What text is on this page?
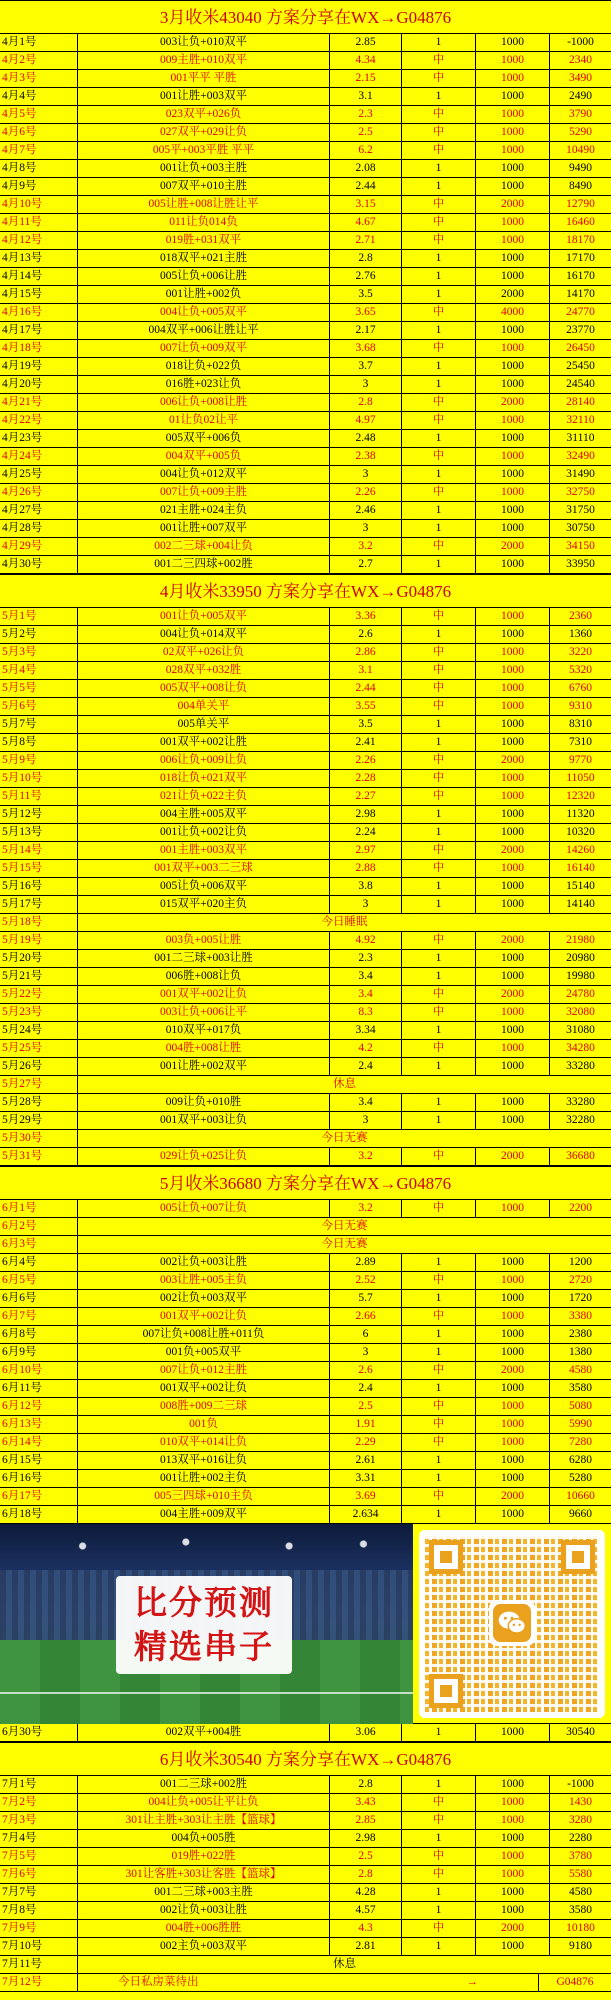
3月收米43040 方案分享在WX→G04876
4月1号	003让负+010双平	2.85	1	1000	-1000
4月2号	009主胜+010双平	4.34	中	1000	2340
4月3号	001平平 平胜	2.15	中	1000	3490
4月4号	001让胜+003双平	3.1	1	1000	2490
4月5号	023双平+026负	2.3	中	1000	3790
4月6号	027双平+029让负	2.5	中	1000	5290
4月7号	005平+003平胜 平平	6.2	中	1000	10490
4月8号	001让负+003主胜	2.08	1	1000	9490
4月9号	007双平+010主胜	2.44	1	1000	8490
4月10号	005让胜+008让胜让平	3.15	中	2000	12790
4月11号	011让负014负	4.67	中	1000	16460
4月12号	019胜+031双平	2.71	中	1000	18170
4月13号	018双平+021主胜	2.8	1	1000	17170
4月14号	005让负+006让胜	2.76	1	1000	16170
4月15号	001让胜+002负	3.5	1	2000	14170
4月16号	004让负+005双平	3.65	中	4000	24770
4月17号	004双平+006让胜让平	2.17	1	1000	23770
4月18号	007让负+009双平	3.68	中	1000	26450
4月19号	018让负+022负	3.7	1	1000	25450
4月20号	016胜+023让负	3	1	1000	24540
4月21号	006让负+008让胜	2.8	中	2000	28140
4月22号	01让负02让平	4.97	中	1000	32110
4月23号	005双平+006负	2.48	1	1000	31110
4月24号	004双平+005负	2.38	中	1000	32490
4月25号	004让负+012双平	3	1	1000	31490
4月26号	007让负+009主胜	2.26	中	1000	32750
4月27号	021主胜+024主负	2.46	1	1000	31750
4月28号	001让胜+007双平	3	1	1000	30750
4月29号	002二三球+004让负	3.2	中	2000	34150
4月30号	001二三四球+002胜	2.7	1	1000	33950
4月收米33950 方案分享在WX→G04876
5月1号	001让负+005双平	3.36	中	1000	2360
5月2号	004让负+014双平	2.6	1	1000	1360
5月3号	02双平+026让负	2.86	中	1000	3220
5月4号	028双平+032胜	3.1	中	1000	5320
5月5号	005双平+008让负	2.44	中	1000	6760
5月6号	004单关平	3.55	中	1000	9310
5月7号	005单关平	3.5	1	1000	8310
5月8号	001双平+002让胜	2.41	1	1000	7310
5月9号	006让负+009让负	2.26	中	2000	9770
5月10号	018让负+021双平	2.28	中	1000	11050
5月11号	021让负+022主负	2.27	中	1000	12320
5月12号	004主胜+005双平	2.98	1	1000	11320
5月13号	001让负+002让负	2.24	1	1000	10320
5月14号	001主胜+003双平	2.97	中	2000	14260
5月15号	001双平+003二三球	2.88	中	1000	16140
5月16号	005让负+006双平	3.8	1	1000	15140
5月17号	015双平+020主负	3	1	1000	14140
5月18号	今日睡眠
5月19号	003负+005让胜	4.92	中	2000	21980
5月20号	001二三球+003让胜	2.3	1	1000	20980
5月21号	006胜+008让负	3.4	1	1000	19980
5月22号	001双平+002让负	3.4	中	2000	24780
5月23号	003让负+006让平	8.3	中	1000	32080
5月24号	010双平+017负	3.34	1	1000	31080
5月25号	004胜+008让胜	4.2	中	1000	34280
5月26号	001让胜+002双平	2.4	1	1000	33280
5月27号	休息
5月28号	009让负+010胜	3.4	1	1000	33280
5月29号	001双平+003让负	3	1	1000	32280
5月30号	今日无赛
5月31号	029让负+025让负	3.2	中	2000	36680
5月收米36680 方案分享在WX→G04876
6月1号	005让负+007让负	3.2	中	1000	2200
6月2号	今日无赛
6月3号	今日无赛
6月4号	002让负+003让胜	2.89	1	1000	1200
6月5号	003让胜+005主负	2.52	中	1000	2720
6月6号	002让负+003双平	5.7	1	1000	1720
6月7号	001双平+002让负	2.66	中	1000	3380
6月8号	007让负+008让胜+011负	6	1	1000	2380
6月9号	001负+005双平	3	1	1000	1380
6月10号	007让负+012主胜	2.6	中	2000	4580
6月11号	001双平+002让负	2.4	1	1000	3580
6月12号	008胜+009二三球	2.5	中	1000	5080
6月13号	001负	1.91	中	1000	5990
6月14号	010双平+014让负	2.29	中	1000	7280
6月15号	013双平+016让负	2.61	1	1000	6280
6月16号	001让胜+002主负	3.31	1	1000	5280
6月17号	005三四球+010主负	3.69	中	2000	10660
6月18号	004主胜+009双平	2.634	1	1000	9660
比分预测
精选串子
6月30号	002双平+004胜	3.06	1	1000	30540
6月收米30540 方案分享在WX→G04876
7月1号	001二三球+002胜	2.8	1	1000	-1000
7月2号	004让负+005让平让负	3.43	中	1000	1430
7月3号	301让主胜+303让主胜【篮球】	2.85	中	1000	3280
7月4号	004负+005胜	2.98	1	1000	2280
7月5号	019胜+022胜	2.5	中	1000	3780
7月6号	301让客胜+303让客胜【篮球】	2.8	中	1000	5580
7月7号	001二三球+003主胜	4.28	1	1000	4580
7月8号	002让负+003让胜	4.57	1	1000	3580
7月9号	004胜+006胜胜	4.3	中	2000	10180
7月10号	002主负+003双平	2.81	1	1000	9180
7月11号	休息
7月12号	今日私房菜待出	→	G04876
